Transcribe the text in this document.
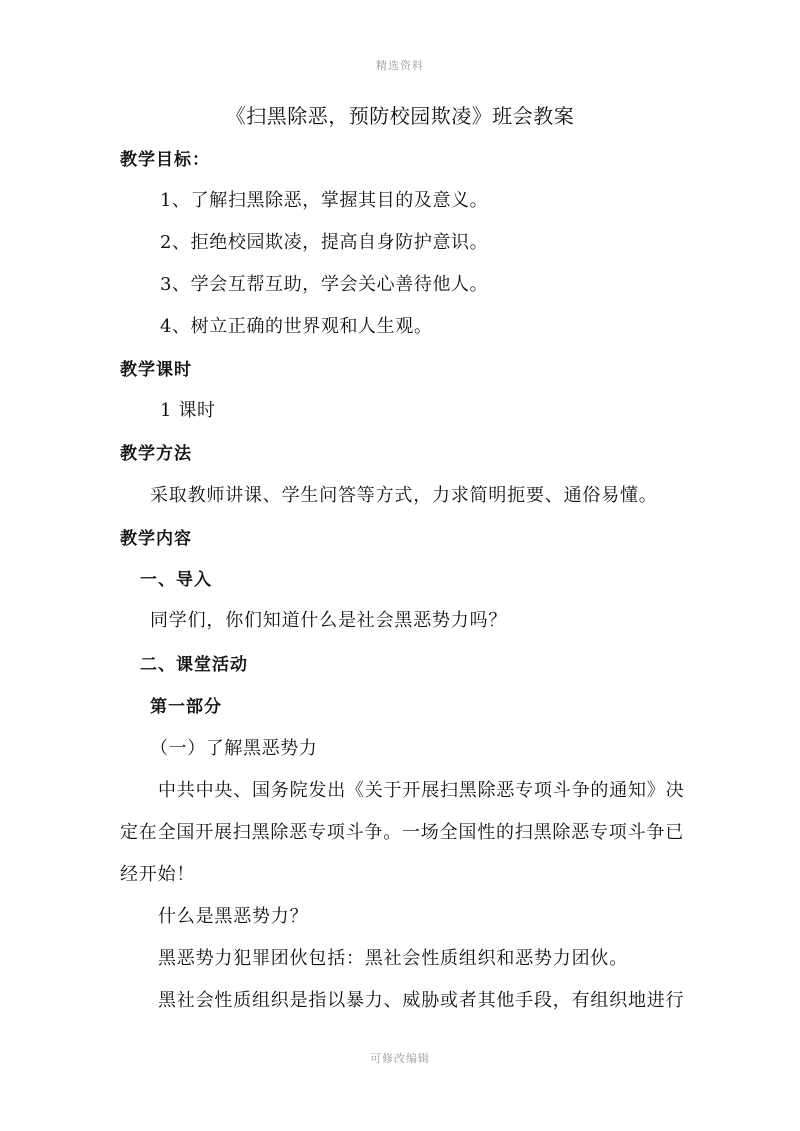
精选资料
《扫黑除恶，预防校园欺凌》班会教案
教学目标：
1、了解扫黑除恶，掌握其目的及意义。
2、拒绝校园欺凌，提高自身防护意识。
3、学会互帮互助，学会关心善待他人。
4、树立正确的世界观和人生观。
教学课时
1 课时
教学方法
采取教师讲课、学生问答等方式，力求简明扼要、通俗易懂。
教学内容
一、导入
同学们，你们知道什么是社会黑恶势力吗？
二、课堂活动
第一部分
（一）了解黑恶势力
中共中央、国务院发出《关于开展扫黑除恶专项斗争的通知》决
定在全国开展扫黑除恶专项斗争。一场全国性的扫黑除恶专项斗争已
经开始！
什么是黑恶势力？
黑恶势力犯罪团伙包括：黑社会性质组织和恶势力团伙。
黑社会性质组织是指以暴力、威胁或者其他手段，有组织地进行
可修改编辑
